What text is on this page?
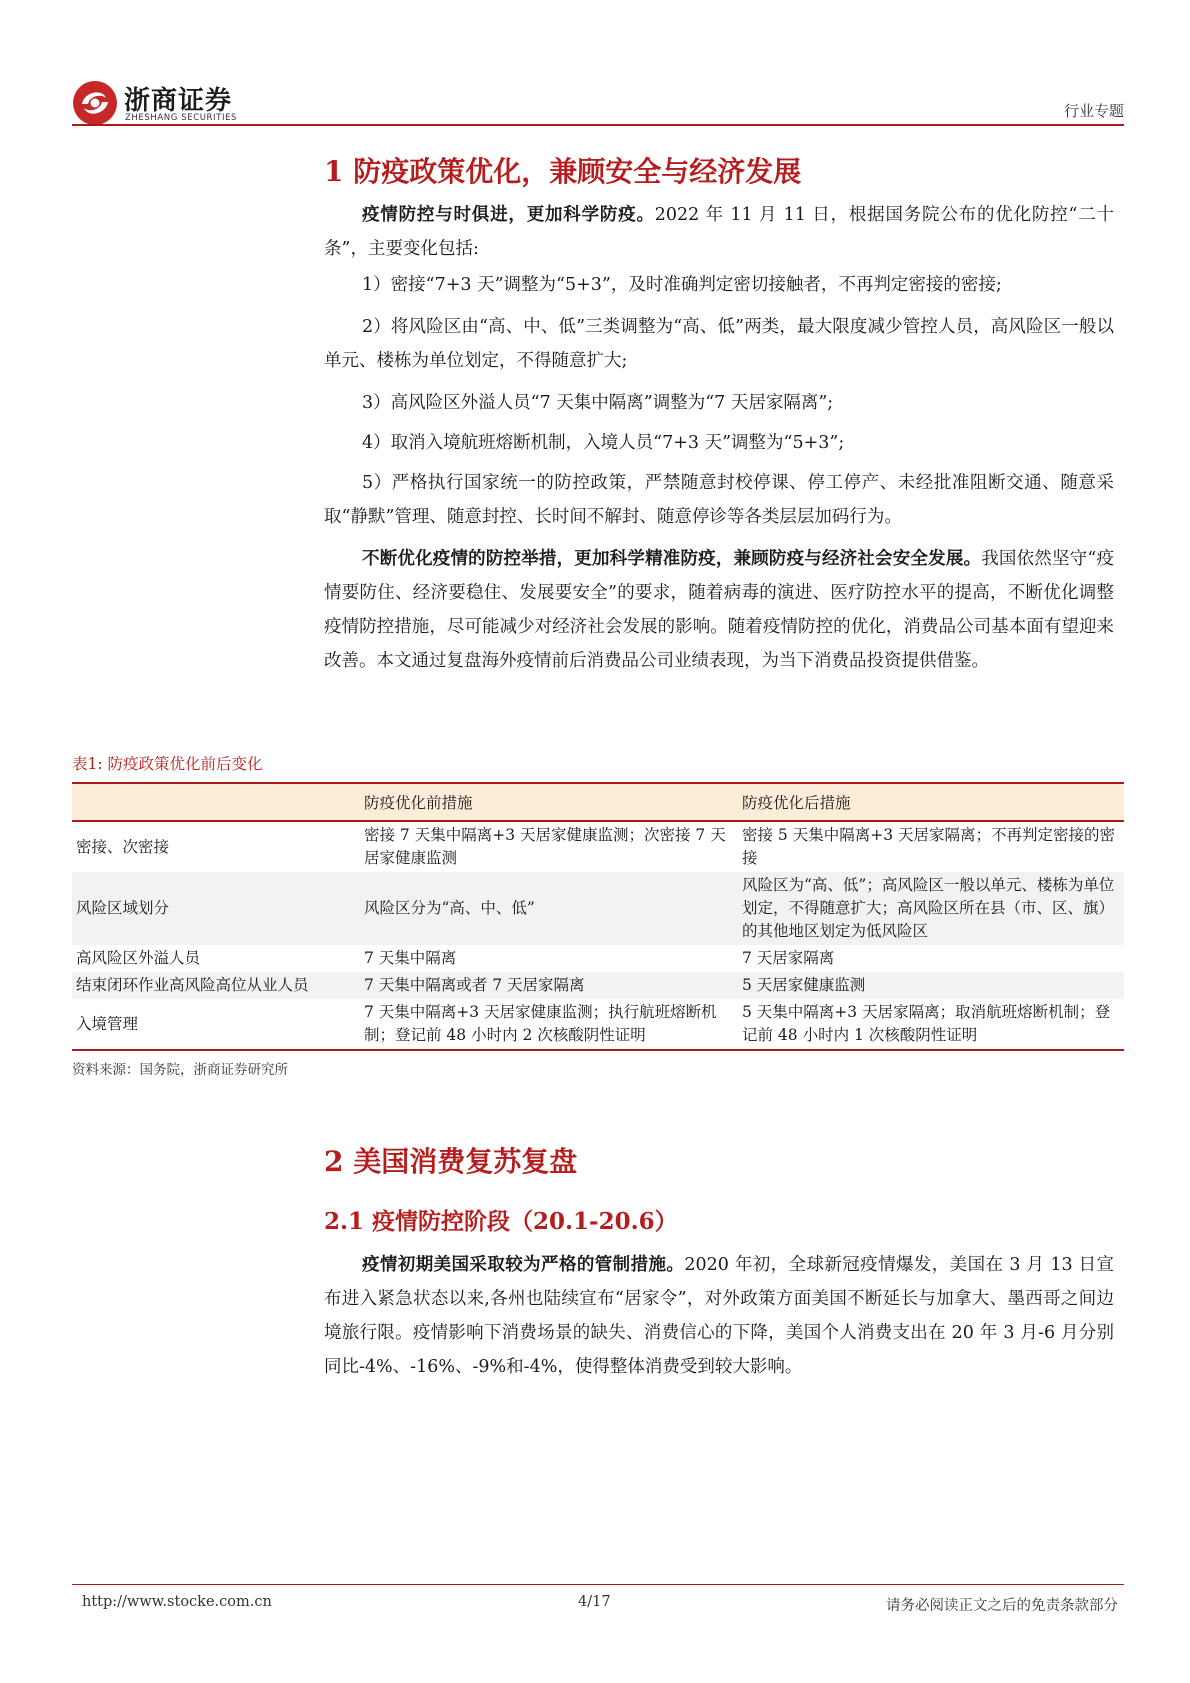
浙商证券
ZHESHANG SECURITIES	行业专题
1 防疫政策优化，兼顾安全与经济发展

疫情防控与时俱进，更加科学防疫。2022 年 11 月 11 日，根据国务院公布的优化防控“二十条”，主要变化包括:

1）密接“7+3 天”调整为“5+3”，及时准确判定密切接触者，不再判定密接的密接;

2）将风险区由“高、中、低”三类调整为“高、低”两类，最大限度减少管控人员，高风险区一般以单元、楼栋为单位划定，不得随意扩大;

3）高风险区外溢人员“7 天集中隔离”调整为“7 天居家隔离”;

4）取消入境航班熔断机制，入境人员“7+3 天”调整为“5+3”;

5）严格执行国家统一的防控政策，严禁随意封校停课、停工停产、未经批准阻断交通、随意采取“静默”管理、随意封控、长时间不解封、随意停诊等各类层层加码行为。

不断优化疫情的防控举措，更加科学精准防疫，兼顾防疫与经济社会安全发展。我国依然坚守“疫情要防住、经济要稳住、发展要安全”的要求，随着病毒的演进、医疗防控水平的提高，不断优化调整疫情防控措施，尽可能减少对经济社会发展的影响。随着疫情防控的优化，消费品公司基本面有望迎来改善。本文通过复盘海外疫情前后消费品公司业绩表现，为当下消费品投资提供借鉴。

表1: 防疫政策优化前后变化
	防疫优化前措施	防疫优化后措施
密接、次密接	密接 7 天集中隔离+3 天居家健康监测；次密接 7 天居家健康监测	密接 5 天集中隔离+3 天居家隔离；不再判定密接的密接
风险区域划分	风险区分为“高、中、低”	风险区为“高、低”；高风险区一般以单元、楼栋为单位划定，不得随意扩大；高风险区所在县（市、区、旗）的其他地区划定为低风险区
高风险区外溢人员	7 天集中隔离	7 天居家隔离
结束闭环作业高风险高位从业人员	7 天集中隔离或者 7 天居家隔离	5 天居家健康监测
入境管理	7 天集中隔离+3 天居家健康监测；执行航班熔断机制；登记前 48 小时内 2 次核酸阴性证明	5 天集中隔离+3 天居家隔离；取消航班熔断机制；登记前 48 小时内 1 次核酸阴性证明
资料来源：国务院，浙商证券研究所
2 美国消费复苏复盘
2.1 疫情防控阶段（20.1-20.6）

疫情初期美国采取较为严格的管制措施。2020 年初，全球新冠疫情爆发，美国在 3 月 13 日宣布进入紧急状态以来,各州也陆续宣布“居家令”，对外政策方面美国不断延长与加拿大、墨西哥之间边境旅行限。疫情影响下消费场景的缺失、消费信心的下降，美国个人消费支出在 20 年 3 月-6 月分别同比-4%、-16%、-9%和-4%，使得整体消费受到较大影响。

http://www.stocke.com.cn	4/17	请务必阅读正文之后的免责条款部分
